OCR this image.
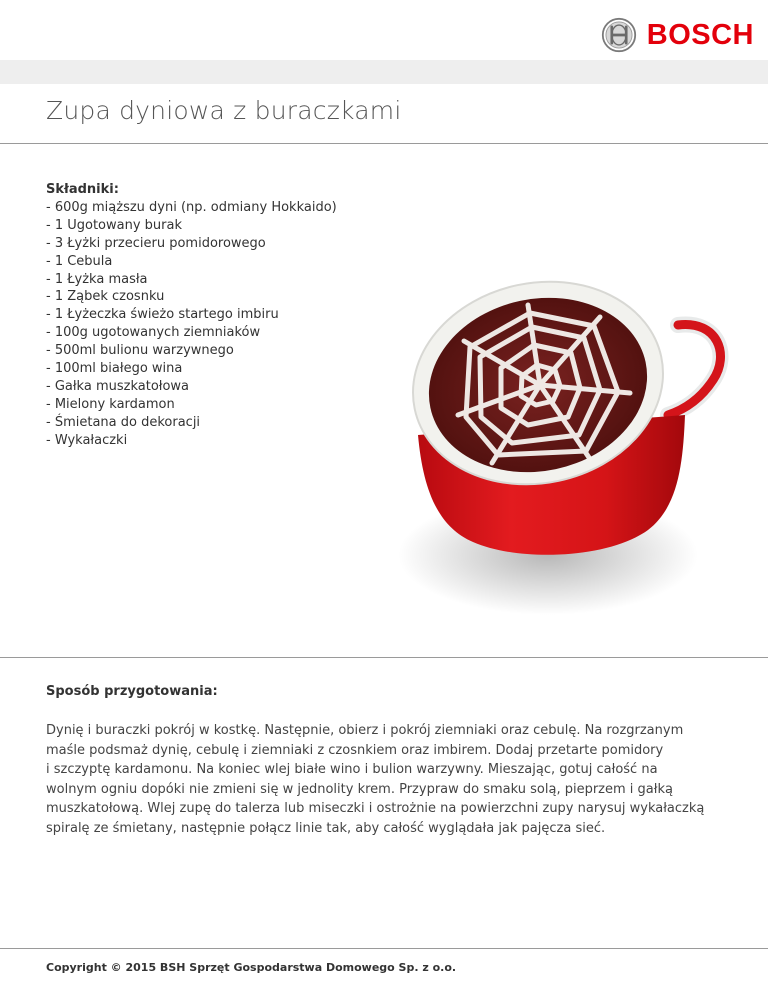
BOSCH
Zupa dyniowa z buraczkami
Składniki:
- 600g miąższu dyni (np. odmiany Hokkaido)
- 1 Ugotowany burak
- 3 Łyżki przecieru pomidorowego
- 1 Cebula
- 1 Łyżka masła
- 1 Ząbek czosnku
- 1 Łyżeczka świeżo startego imbiru
- 100g ugotowanych ziemniaków
- 500ml bulionu warzywnego
- 100ml białego wina
- Gałka muszkatołowa
- Mielony kardamon
- Śmietana do dekoracji
- Wykałaczki
Sposób przygotowania:

Dynię i buraczki pokrój w kostkę. Następnie, obierz i pokrój ziemniaki oraz cebulę. Na rozgrzanym
maśle podsmaż dynię, cebulę i ziemniaki z czosnkiem oraz imbirem. Dodaj przetarte pomidory
i szczyptę kardamonu. Na koniec wlej białe wino i bulion warzywny. Mieszając, gotuj całość na
wolnym ogniu dopóki nie zmieni się w jednolity krem. Przypraw do smaku solą, pieprzem i gałką
muszkatołową. Wlej zupę do talerza lub miseczki i ostrożnie na powierzchni zupy narysuj wykałaczką
spiralę ze śmietany, następnie połącz linie tak, aby całość wyglądała jak pajęcza sieć.

Copyright © 2015 BSH Sprzęt Gospodarstwa Domowego Sp. z o.o.
